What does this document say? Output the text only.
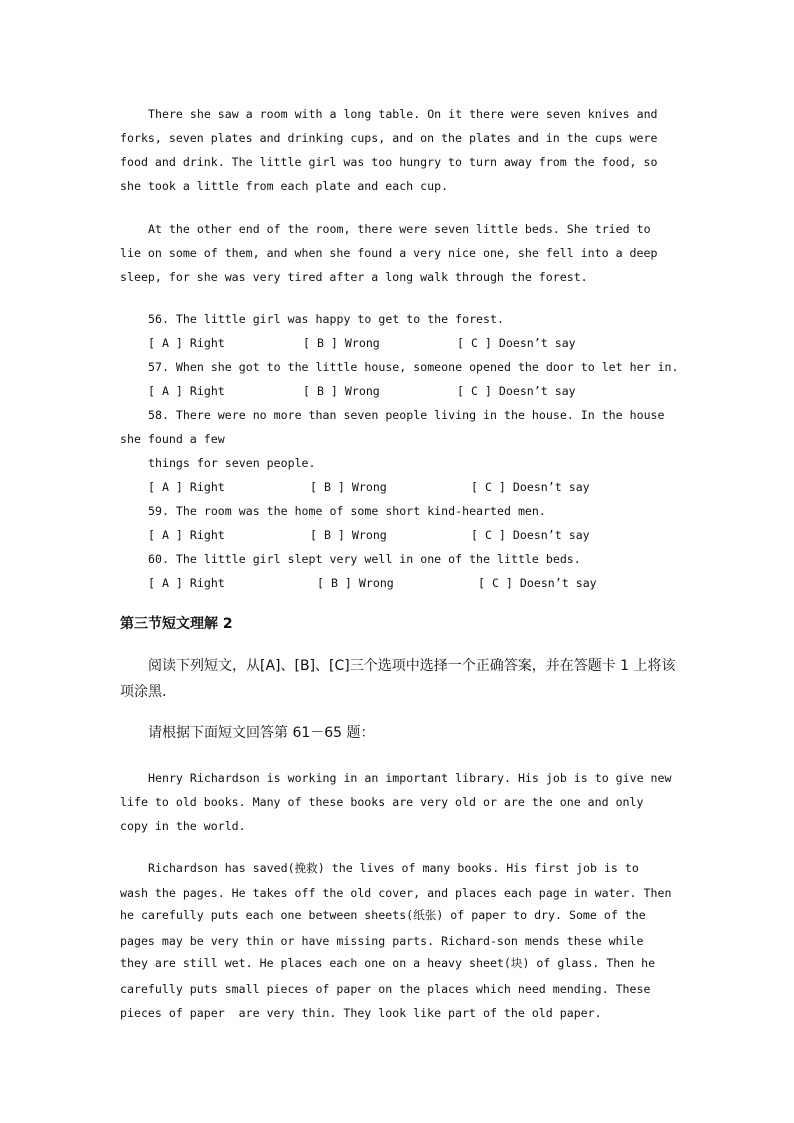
There she saw a room with a long table. On it there were seven knives and
forks, seven plates and drinking cups, and on the plates and in the cups were
food and drink. The little girl was too hungry to turn away from the food, so
she took a little from each plate and each cup.
At the other end of the room, there were seven little beds. She tried to
lie on some of them, and when she found a very nice one, she fell into a deep
sleep, for she was very tired after a long walk through the forest.
56. The little girl was happy to get to the forest.
[ A ] Right	[ B ] Wrong	[ C ] Doesn’t say
57. When she got to the little house, someone opened the door to let her in.
[ A ] Right	[ B ] Wrong	[ C ] Doesn’t say
58. There were no more than seven people living in the house. In the house
she found a few
things for seven people.
[ A ] Right	[ B ] Wrong	[ C ] Doesn’t say
59. The room was the home of some short kind-hearted men.
[ A ] Right	[ B ] Wrong	[ C ] Doesn’t say
60. The little girl slept very well in one of the little beds.
[ A ] Right	[ B ] Wrong	[ C ] Doesn’t say
第三节短文理解 2
阅读下列短文，从[A]、[B]、[C]三个选项中选择一个正确答案，并在答题卡 1 上将该
项涂黑.
请根据下面短文回答第 61－65 题：
Henry Richardson is working in an important library. His job is to give new
life to old books. Many of these books are very old or are the one and only
copy in the world.
Richardson has saved(挽救) the lives of many books. His first job is to
wash the pages. He takes off the old cover, and places each page in water. Then
he carefully puts each one between sheets(纸张) of paper to dry. Some of the
pages may be very thin or have missing parts. Richard-son mends these while
they are still wet. He places each one on a heavy sheet(块) of glass. Then he
carefully puts small pieces of paper on the places which need mending. These
pieces of paper  are very thin. They look like part of the old paper.
